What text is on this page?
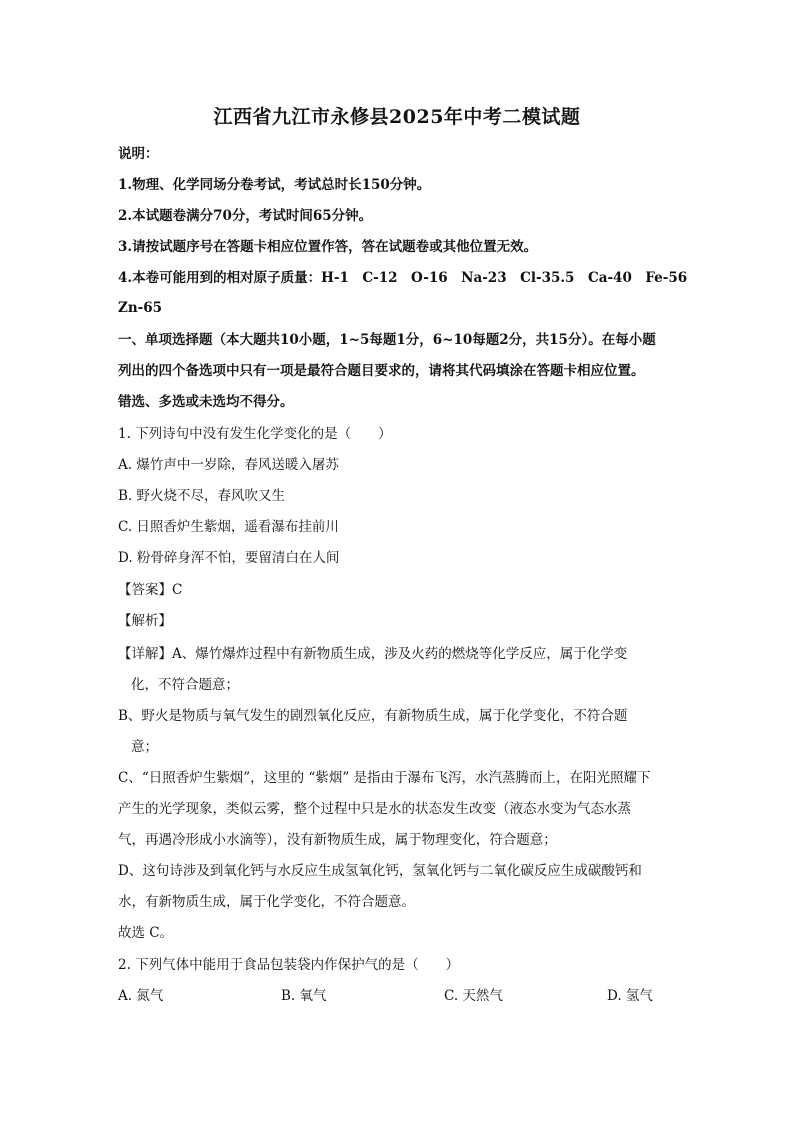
江西省九江市永修县2025年中考二模试题
说明：
1.物理、化学同场分卷考试，考试总时长150分钟。
2.本试题卷满分70分，考试时间65分钟。
3.请按试题序号在答题卡相应位置作答，答在试题卷或其他位置无效。
4.本卷可能用到的相对原子质量：H-1　C-12　O-16　Na-23　Cl-35.5　Ca-40　Fe-56
Zn-65
一、单项选择题（本大题共10小题，1~5每题1分，6~10每题2分，共15分）。在每小题
列出的四个备选项中只有一项是最符合题目要求的，请将其代码填涂在答题卡相应位置。
错选、多选或未选均不得分。
1. 下列诗句中没有发生化学变化的是（　　）
A. 爆竹声中一岁除，春风送暖入屠苏
B. 野火烧不尽，春风吹又生
C. 日照香炉生紫烟，遥看瀑布挂前川
D. 粉骨碎身浑不怕，要留清白在人间
【答案】C
【解析】
【详解】A、爆竹爆炸过程中有新物质生成，涉及火药的燃烧等化学反应，属于化学变
化，不符合题意；
B、野火是物质与氧气发生的剧烈氧化反应，有新物质生成，属于化学变化，不符合题
意；
C、“日照香炉生紫烟”，这里的 “紫烟” 是指由于瀑布飞泻，水汽蒸腾而上，在阳光照耀下
产生的光学现象，类似云雾，整个过程中只是水的状态发生改变（液态水变为气态水蒸
气，再遇冷形成小水滴等），没有新物质生成，属于物理变化，符合题意；
D、这句诗涉及到氧化钙与水反应生成氢氧化钙，氢氧化钙与二氧化碳反应生成碳酸钙和
水，有新物质生成，属于化学变化，不符合题意。
故选 C。
2. 下列气体中能用于食品包装袋内作保护气的是（　　）
A. 氮气	B. 氧气	C. 天然气	D. 氢气
